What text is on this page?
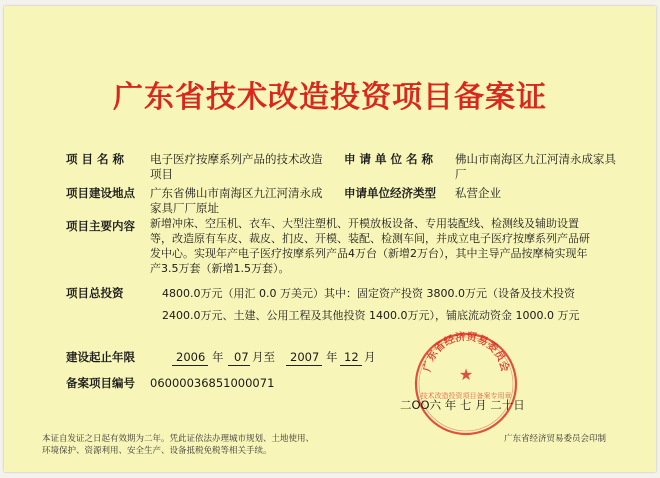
广东省技术改造投资项目备案证
项 目 名 称 电子医疗按摩系列产品的技术改造
项目
申 请 单 位 名 称 佛山市南海区九江河清永成家具
厂
项目建设地点 广东省佛山市南海区九江河清永成
家具厂厂原址
申请单位经济类型 私营企业
项目主要内容 新增冲床、空压机、衣车、大型注塑机、开模放板设备、专用装配线、检测线及辅助设置
等，改造原有车皮、裁皮、扪皮、开模、装配、检测车间，并成立电子医疗按摩系列产品研
发中心。实现年产电子医疗按摩系列产品4万台（新增2万台），其中主导产品按摩椅实现年
产3.5万套（新增1.5万套）。
项目总投资	4800.0万元（用汇 0.0 万美元）其中：固定资产投资 3800.0万元（设备及技术投资
2400.0万元、土建、公用工程及其他投资 1400.0万元），铺底流动资金 1000.0 万元
建设起止年限	2006 年 07 月至 2007 年 12 月
备案项目编号 06000036851000071
广东省经济贸易委员会
技术改造投资项目备案专用章
★
二OO六 年 七 月 二十日
本证自发证之日起有效期为二年。凭此证依法办理城市规划、土地使用、
环境保护、资源利用、安全生产、设备抵税免税等相关手续。
广东省经济贸易委员会印制
